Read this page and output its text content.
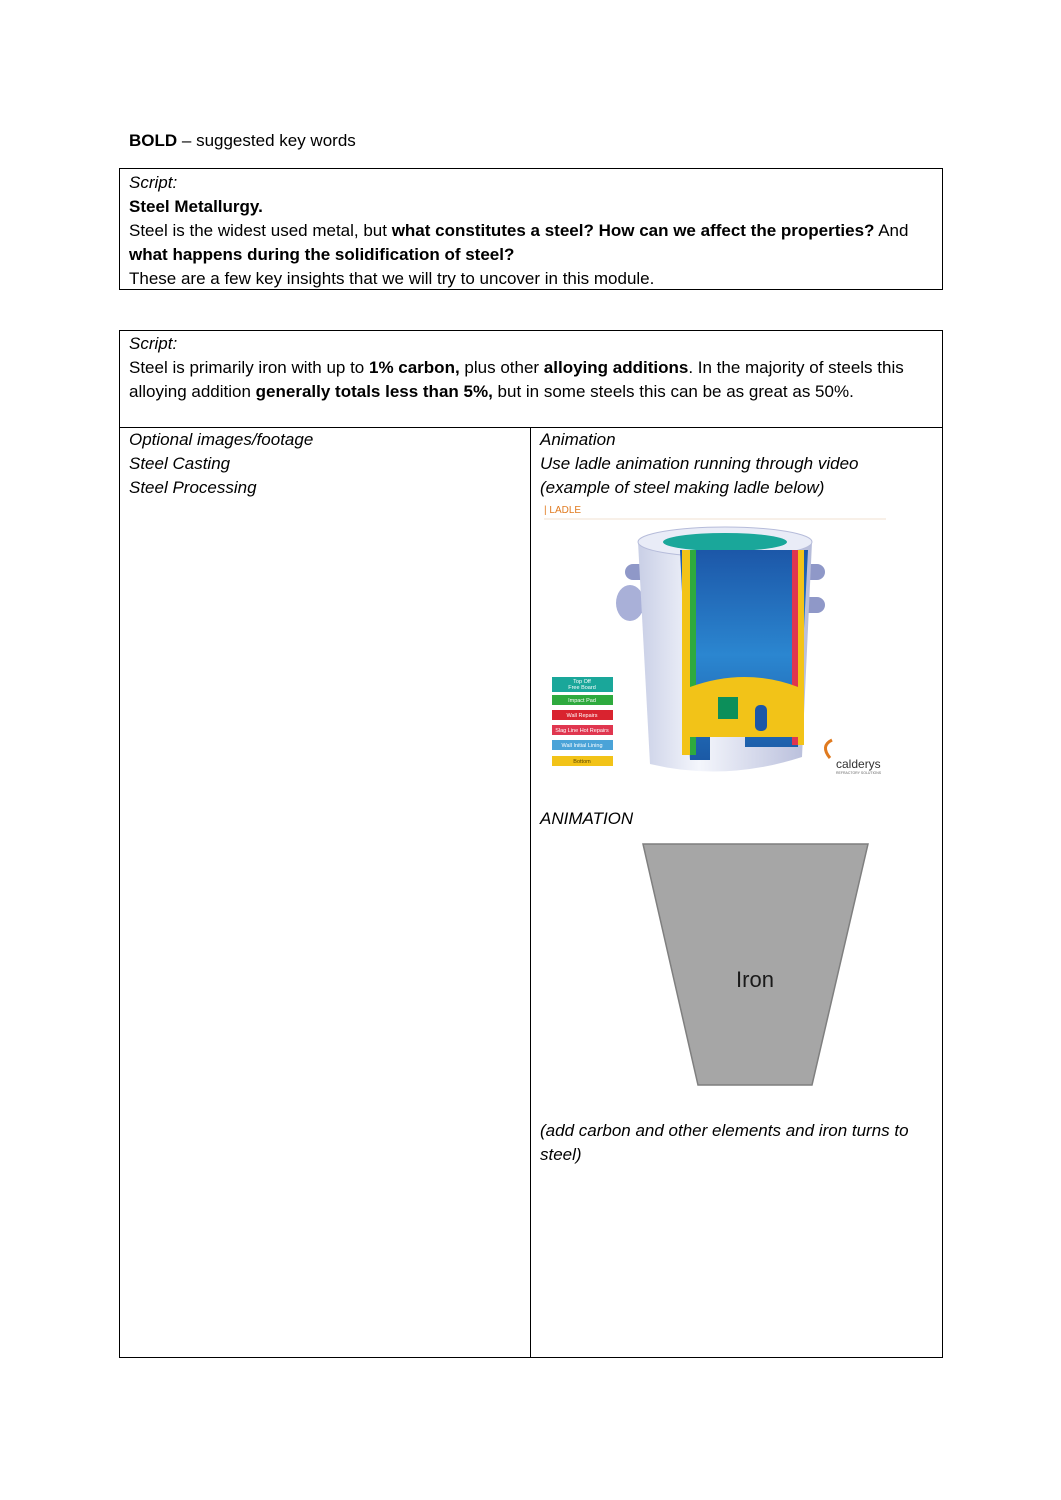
BOLD – suggested key words

Script:

Steel Metallurgy.

Steel is the widest used metal, but what constitutes a steel? How can we affect the properties? And what happens during the solidification of steel?

These are a few key insights that we will try to uncover in this module.

Script:

Steel is primarily iron with up to 1% carbon, plus other alloying additions. In the majority of steels this alloying addition generally totals less than 5%, but in some steels this can be as great as 50%.

Optional images/footage

Steel Casting

Steel Processing

Animation

Use ladle animation running through video

(example of steel making ladle below)

| LADLE
Top Off
Free Board
Impact Pad
Wall Repairs
Slag Line Hot Repairs
Wall Initial Lining
Bottom	calderys
REFRACTORY SOLUTIONS
ANIMATION
Iron
(add carbon and other elements and iron turns to steel)
